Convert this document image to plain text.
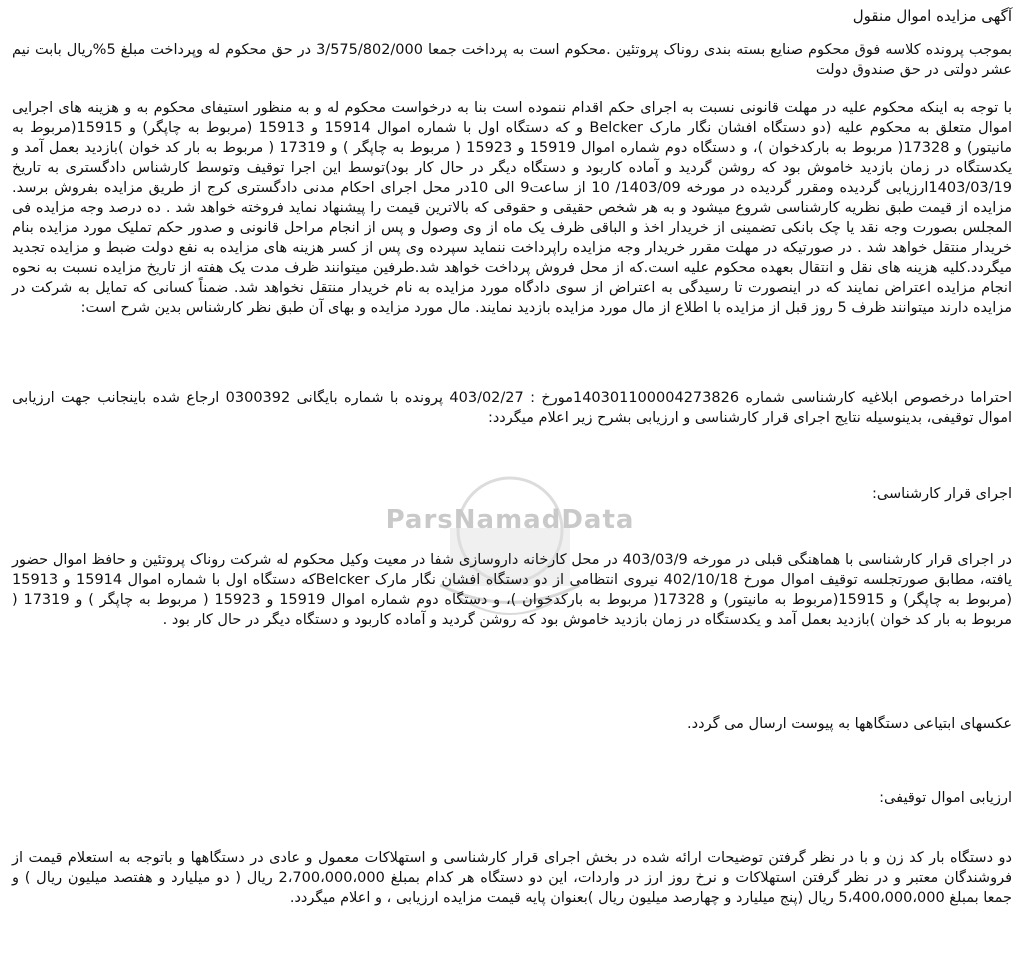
ParsNamadData
آگهی مزایده اموال منقول
بموجب پرونده کلاسه فوق محکوم صنایع بسته بندی روناک پروتئین .محکوم است به پرداخت جمعا 3/575/802/000 در حق محکوم له وپرداخت مبلغ 5%ریال بابت نیم عشر دولتی در حق صندوق دولت
با توجه به اینکه محکوم علیه در مهلت قانونی نسبت به اجرای حکم اقدام ننموده است بنا به درخواست محکوم له و به منظور استیفای محکوم به و هزینه های اجرایی اموال متعلق به محکوم علیه (دو دستگاه افشان نگار مارک Belcker و که دستگاه اول با شماره اموال 15914 و 15913 (مربوط به چاپگر) و 15915(مربوط به مانیتور) و 17328( مربوط به بارکدخوان )، و دستگاه دوم شماره اموال 15919 و 15923 ( مربوط به چاپگر ) و 17319 ( مربوط به بار کد خوان )بازدید بعمل آمد و یکدستگاه در زمان بازدید خاموش بود که روشن گردید و آماده کاربود و دستگاه دیگر در حال کار بود)توسط این اجرا توقیف وتوسط کارشناس دادگستری به تاریخ 1403/03/19ارزیابی گردیده ومقرر گردیده در مورخه 1403/09/ 10 از ساعت9 الی 10در محل اجرای احکام مدنی دادگستری کرج از طریق مزایده بفروش برسد. مزایده از قیمت طبق نظریه کارشناسی شروع میشود و به هر شخص حقیقی و حقوقی که بالاترین قیمت را پیشنهاد نماید فروخته خواهد شد . ده درصد وجه مزایده فی المجلس بصورت وجه نقد یا چک بانکی تضمینی از خریدار اخذ و الباقی ظرف یک ماه از وی وصول و پس از انجام مراحل قانونی و صدور حکم تملیک مورد مزایده بنام خریدار منتقل خواهد شد . در صورتیکه در مهلت مقرر خریدار وجه مزایده راپرداخت ننماید سپرده وی پس از کسر هزینه های مزایده به نفع دولت ضبط و مزایده تجدید میگردد.کلیه هزینه های نقل و انتقال بعهده محکوم علیه است.که از محل فروش پرداخت خواهد شد.طرفین میتوانند ظرف مدت یک هفته از تاریخ مزایده نسبت به نحوه انجام مزایده اعتراض نمایند که در اینصورت تا رسیدگی به اعتراض از سوی دادگاه مورد مزایده به نام خریدار منتقل نخواهد شد. ضمناً کسانی که تمایل به شرکت در مزایده دارند میتوانند ظرف 5 روز قبل از مزایده با اطلاع از مال مورد مزایده بازدید نمایند. مال مورد مزایده و بهای آن طبق نظر کارشناس بدین شرح است:
احتراما درخصوص ابلاغیه کارشناسی شماره 140301100004273826مورخ : 403/02/27 پرونده با شماره بایگانی 0300392 ارجاع شده باینجانب جهت ارزیابی اموال توقیفی، بدینوسیله نتایج اجرای قرار کارشناسی و ارزیابی بشرح زیر اعلام میگردد:
اجرای قرار کارشناسی:
در اجرای قرار کارشناسی با هماهنگی قبلی در مورخه 403/03/9 در محل کارخانه داروسازی شفا در معیت وکیل محکوم له شرکت روناک پروتئین و حافظ اموال حضور یافته، مطابق صورتجلسه توقیف اموال مورخ 402/10/18 نیروی انتظامی از دو دستگاه افشان نگار مارک Belckerکه دستگاه اول با شماره اموال 15914 و 15913 (مربوط به چاپگر) و 15915(مربوط به مانیتور) و 17328( مربوط به بارکدخوان )، و دستگاه دوم شماره اموال 15919 و 15923 ( مربوط به چاپگر ) و 17319 ( مربوط به بار کد خوان )بازدید بعمل آمد و یکدستگاه در زمان بازدید خاموش بود که روشن گردید و آماده کاربود و دستگاه دیگر در حال کار بود .
عکسهای ابتیاعی دستگاهها به پیوست ارسال می گردد.
ارزیابی اموال توقیفی:
دو دستگاه بار کد زن و با در نظر گرفتن توضیحات ارائه شده در بخش اجرای قرار کارشناسی و استهلاکات معمول و عادی در دستگاهها و باتوجه به استعلام قیمت از فروشندگان معتبر و در نظر گرفتن استهلاکات و نرخ روز ارز در واردات، این دو دستگاه هر کدام بمبلغ 2،700،000،000 ریال ( دو میلیارد و هفتصد میلیون ریال ) و جمعا بمبلغ 5،400،000،000 ریال (پنج میلیارد و چهارصد میلیون ریال )بعنوان پایه قیمت مزایده ارزیابی ، و اعلام میگردد.
